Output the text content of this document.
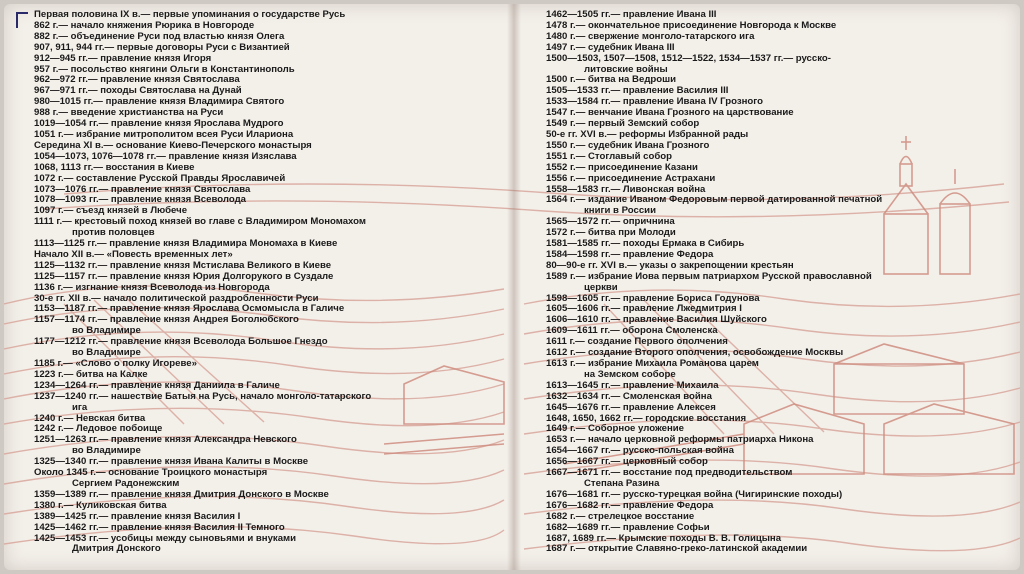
Первая половина IX в.— первые упоминания о государстве Русь
862 г.— начало княжения Рюрика в Новгороде
882 г.— объединение Руси под властью князя Олега
907, 911, 944 гг.— первые договоры Руси с Византией
912—945 гг.— правление князя Игоря
957 г.— посольство княгини Ольги в Константинополь
962—972 гг.— правление князя Святослава
967—971 гг.— походы Святослава на Дунай
980—1015 гг.— правление князя Владимира Святого
988 г.— введение христианства на Руси
1019—1054 гг.— правление князя Ярослава Мудрого
1051 г.— избрание митрополитом всея Руси Илариона
Середина XI в.— основание Киево-Печерского монастыря
1054—1073, 1076—1078 гг.— правление князя Изяслава
1068, 1113 гг.— восстания в Киеве
1072 г.— составление Русской Правды Ярославичей
1073—1076 гг.— правление князя Святослава
1078—1093 гг.— правление князя Всеволода
1097 г.— съезд князей в Любече
1111 г.— крестовый поход князей во главе с Владимиром Мономахом
против половцев
1113—1125 гг.— правление князя Владимира Мономаха в Киеве
Начало XII в.— «Повесть временных лет»
1125—1132 гг.— правление князя Мстислава Великого в Киеве
1125—1157 гг.— правление князя Юрия Долгорукого в Суздале
1136 г.— изгнание князя Всеволода из Новгорода
30-е гг. XII в.— начало политической раздробленности Руси
1153—1187 гг.— правление князя Ярослава Осмомысла в Галиче
1157—1174 гг.— правление князя Андрея Боголюбского
во Владимире
1177—1212 гг.— правление князя Всеволода Большое Гнездо
во Владимире
1185 г.— «Слово о полку Игореве»
1223 г.— битва на Калке
1234—1264 гг.— правление князя Даниила в Галиче
1237—1240 гг.— нашествие Батыя на Русь, начало монголо-татарского
ига
1240 г.— Невская битва
1242 г.— Ледовое побоище
1251—1263 гг.— правление князя Александра Невского
во Владимире
1325—1340 гг.— правление князя Ивана Калиты в Москве
Около 1345 г.— основание Троицкого монастыря
Сергием Радонежским
1359—1389 гг.— правление князя Дмитрия Донского в Москве
1380 г.— Куликовская битва
1389—1425 гг.— правление князя Василия I
1425—1462 гг.— правление князя Василия II Темного
1425—1453 гг.— усобицы между сыновьями и внуками
Дмитрия Донского
1462—1505 гг.— правление Ивана III
1478 г.— окончательное присоединение Новгорода к Москве
1480 г.— свержение монголо-татарского ига
1497 г.— судебник Ивана III
1500—1503, 1507—1508, 1512—1522, 1534—1537 гг.— русско-
литовские войны
1500 г.— битва на Ведроши
1505—1533 гг.— правление Василия III
1533—1584 гг.— правление Ивана IV Грозного
1547 г.— венчание Ивана Грозного на царствование
1549 г.— первый Земский собор
50-е гг. XVI в.— реформы Избранной рады
1550 г.— судебник Ивана Грозного
1551 г.— Стоглавый собор
1552 г.— присоединение Казани
1556 г.— присоединение Астрахани
1558—1583 гг.— Ливонская война
1564 г.— издание Иваном Федоровым первой датированной печатной
книги в России
1565—1572 гг.— опричнина
1572 г.— битва при Молоди
1581—1585 гг.— походы Ермака в Сибирь
1584—1598 гг.— правление Федора
80—90-е гг. XVI в.— указы о закрепощении крестьян
1589 г.— избрание Иова первым патриархом Русской православной
церкви
1598—1605 гг.— правление Бориса Годунова
1605—1606 гг.— правление Лжедмитрия I
1606—1610 гг.— правление Василия Шуйского
1609—1611 гг.— оборона Смоленска
1611 г.— создание Первого ополчения
1612 г.— создание Второго ополчения, освобождение Москвы
1613 г.— избрание Михаила Романова царем
на Земском соборе
1613—1645 гг.— правление Михаила
1632—1634 гг.— Смоленская война
1645—1676 гг.— правление Алексея
1648, 1650, 1662 гг.— городские восстания
1649 г.— Соборное уложение
1653 г.— начало церковной реформы патриарха Никона
1654—1667 гг.— русско-польская война
1656—1667 гг.— церковный собор
1667—1671 гг.— восстание под предводительством
Степана Разина
1676—1681 гг.— русско-турецкая война (Чигиринские походы)
1676—1682 гг.— правление Федора
1682 г.— стрелецкое восстание
1682—1689 гг.— правление Софьи
1687, 1689 гг.— Крымские походы В. В. Голицына
1687 г.— открытие Славяно-греко-латинской академии
